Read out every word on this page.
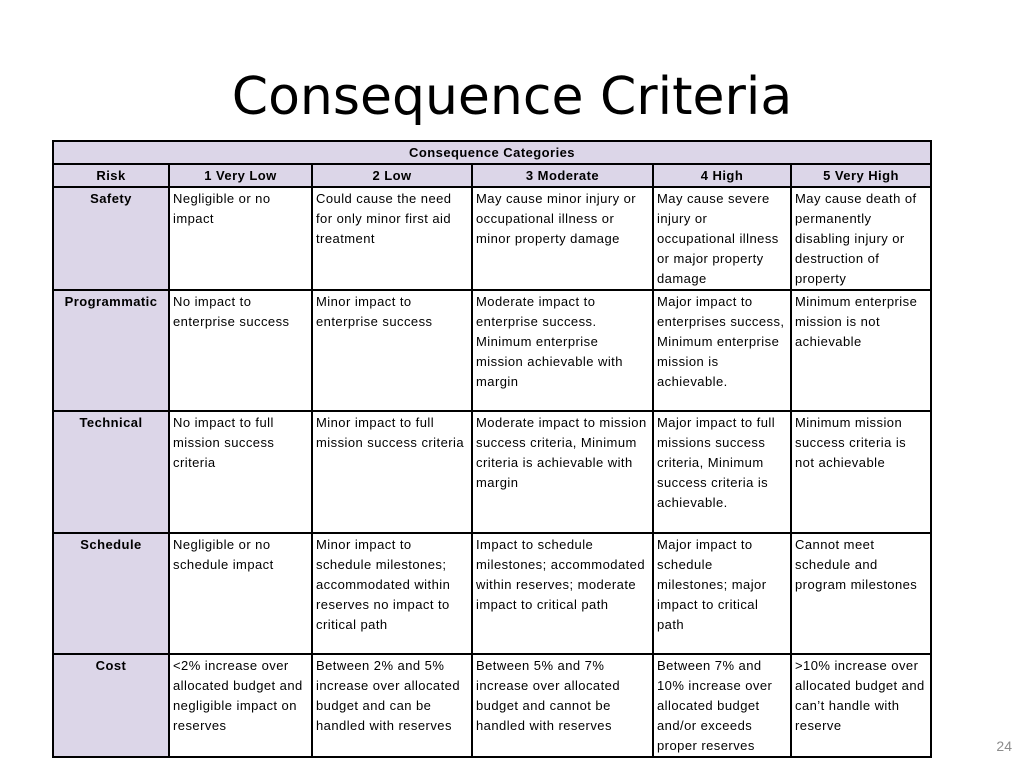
Consequence Criteria
Consequence Categories					
Risk	1 Very Low	2 Low	3 Moderate	4 High	5 Very High
Safety	Negligible or no impact	Could cause the need for only minor first aid treatment	May cause minor injury or occupational illness or minor property damage	May cause severe injury or occupational illness or major property damage	May cause death of permanently disabling injury or destruction of property
Programmatic	No impact to enterprise success	Minor impact to enterprise success	Moderate impact to enterprise success. Minimum enterprise mission achievable with margin	Major impact to enterprises success, Minimum enterprise mission is achievable.	Minimum enterprise mission is not achievable
Technical	No impact to full mission success criteria	Minor impact to full mission success criteria	Moderate impact to mission success criteria, Minimum criteria is achievable with margin	Major impact to full missions success criteria, Minimum success criteria is achievable.	Minimum mission success criteria is not achievable
Schedule	Negligible or no schedule impact	Minor impact to schedule milestones; accommodated within reserves no impact to critical path	Impact to schedule milestones; accommodated within reserves; moderate impact to critical path	Major impact to schedule milestones; major impact to critical path	Cannot meet schedule and program milestones
Cost	<2% increase over allocated budget and negligible impact on reserves	Between 2% and 5% increase over allocated budget and can be handled with reserves	Between 5% and 7% increase over allocated budget and cannot be handled with reserves	Between 7% and 10% increase over allocated budget and/or exceeds proper reserves	>10% increase over allocated budget and can’t handle with reserve
24
